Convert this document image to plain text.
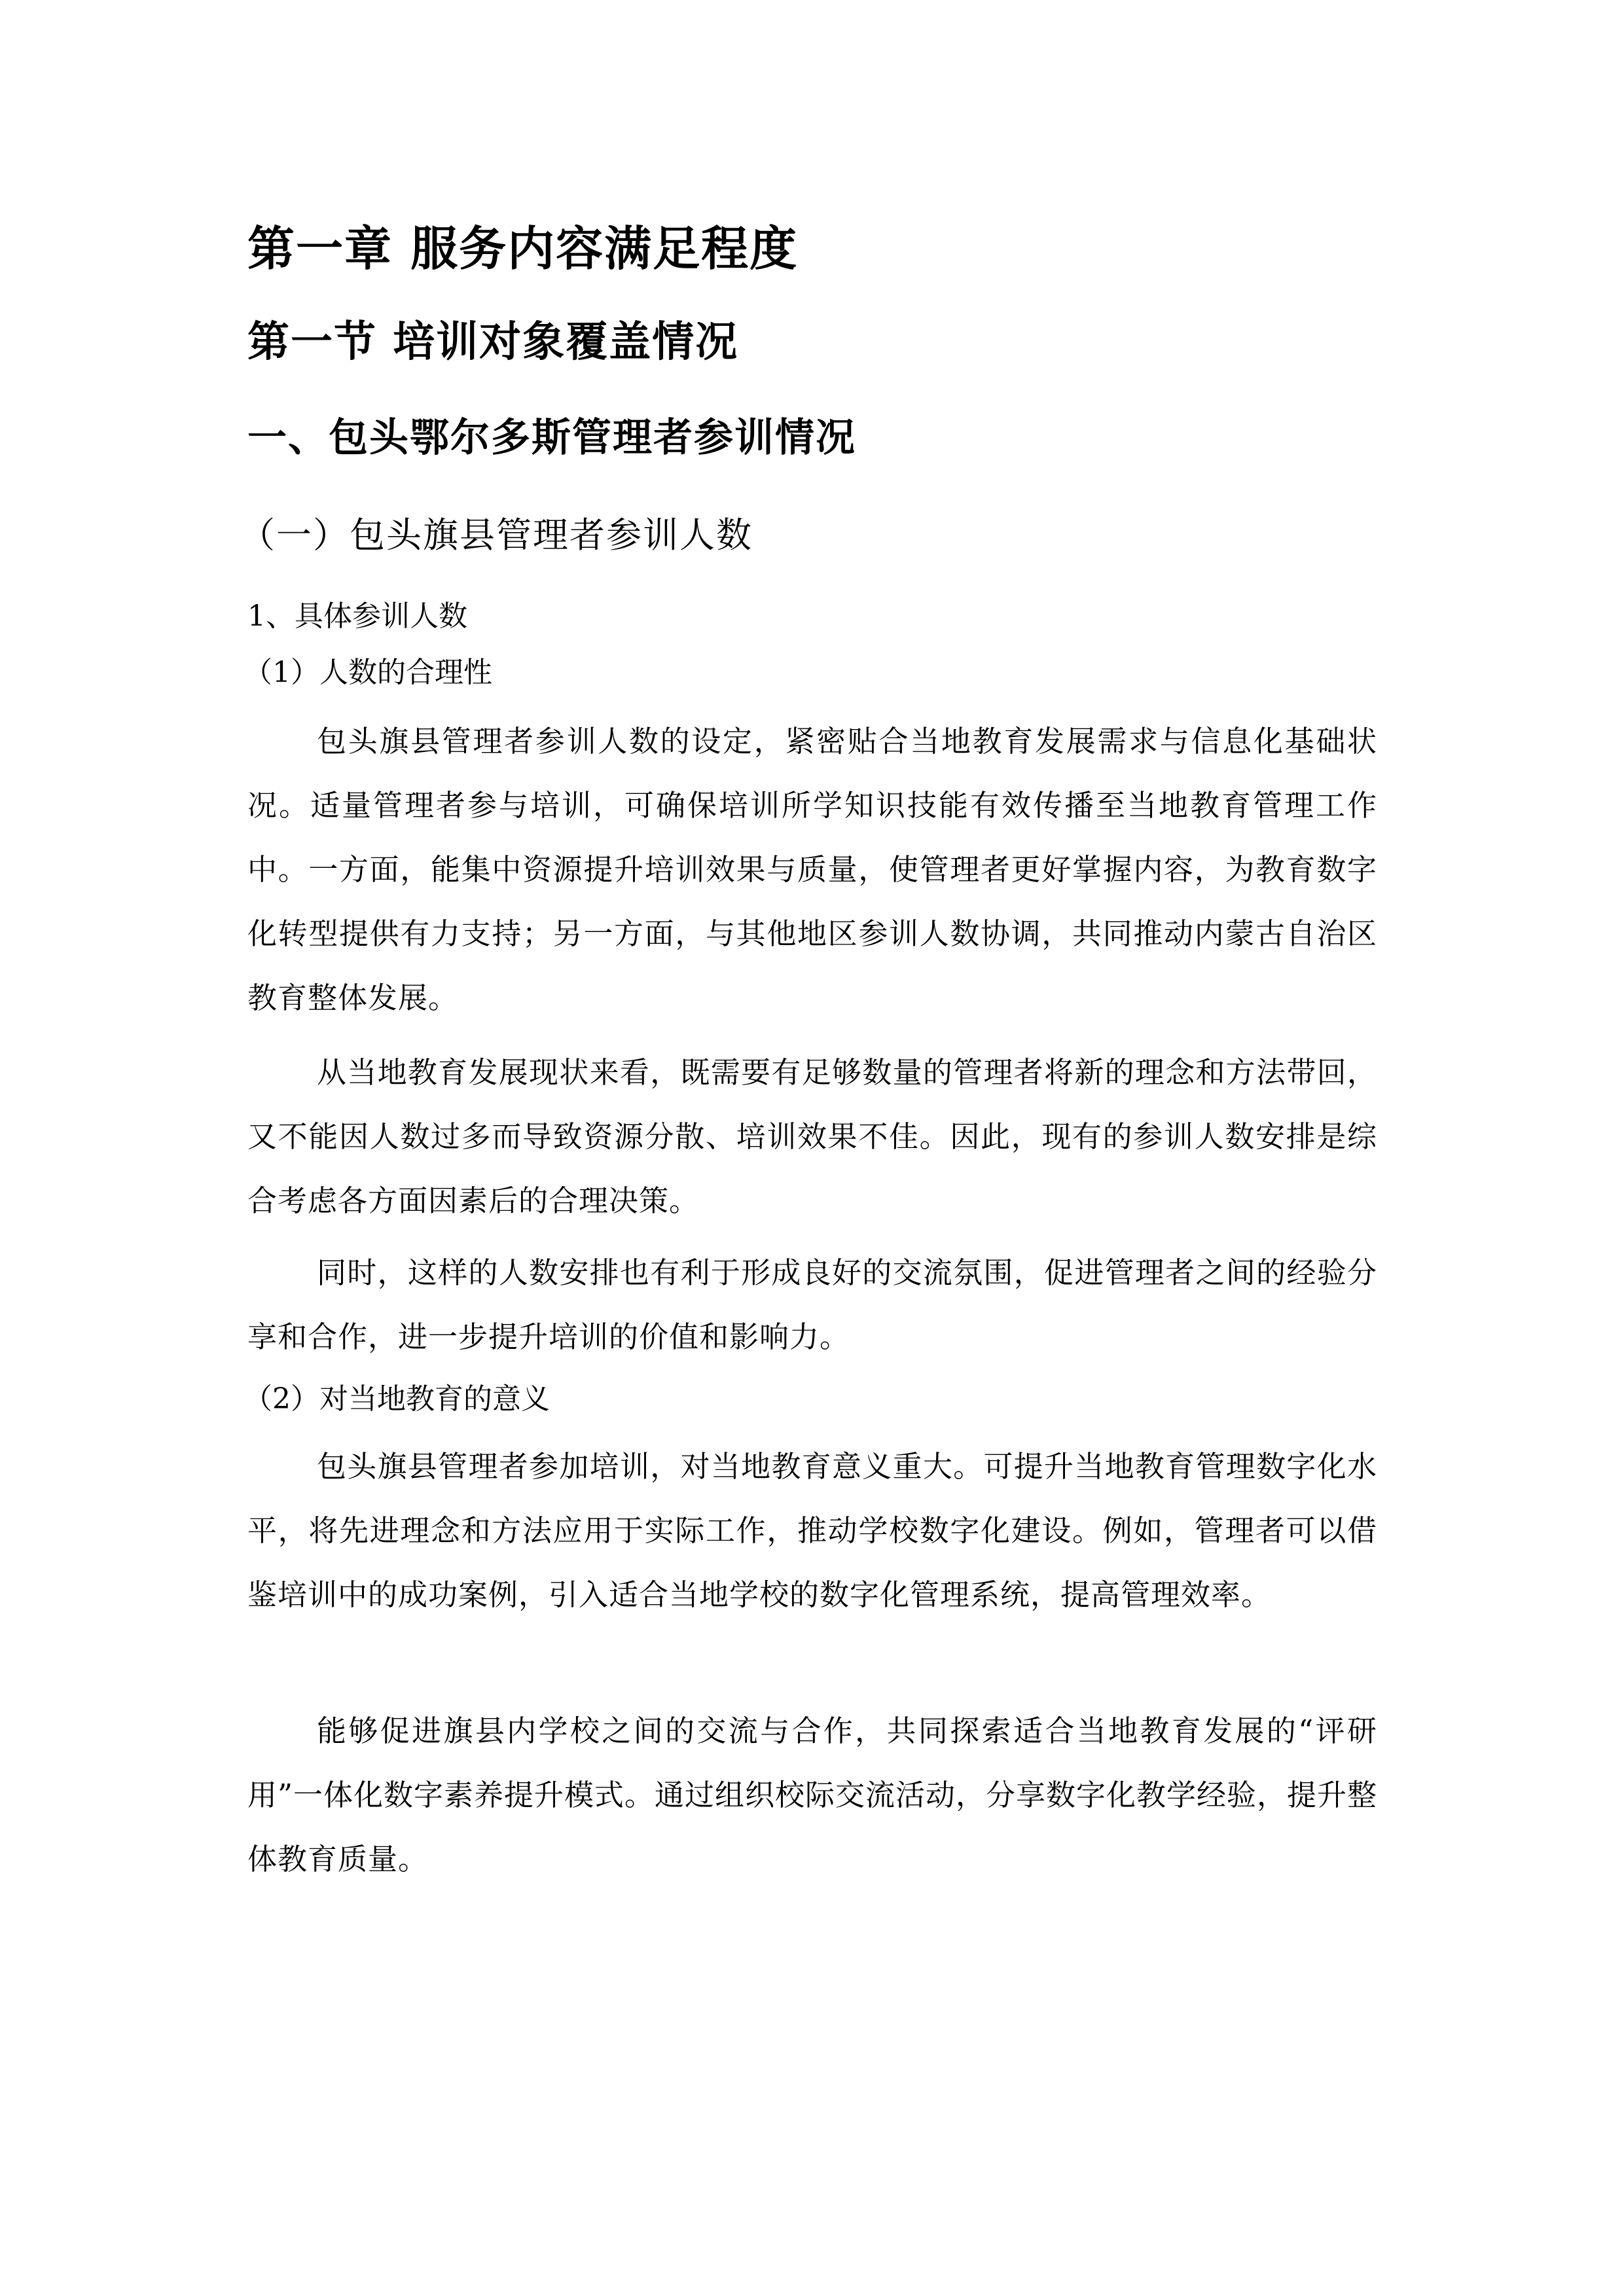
第一章 服务内容满足程度
第一节 培训对象覆盖情况
一、包头鄂尔多斯管理者参训情况
（一）包头旗县管理者参训人数
1、具体参训人数
（1）人数的合理性

包头旗县管理者参训人数的设定，紧密贴合当地教育发展需求与信息化基础状况。适量管理者参与培训，可确保培训所学知识技能有效传播至当地教育管理工作中。一方面，能集中资源提升培训效果与质量，使管理者更好掌握内容，为教育数字化转型提供有力支持；另一方面，与其他地区参训人数协调，共同推动内蒙古自治区教育整体发展。

从当地教育发展现状来看，既需要有足够数量的管理者将新的理念和方法带回，又不能因人数过多而导致资源分散、培训效果不佳。因此，现有的参训人数安排是综合考虑各方面因素后的合理决策。

同时，这样的人数安排也有利于形成良好的交流氛围，促进管理者之间的经验分享和合作，进一步提升培训的价值和影响力。

（2）对当地教育的意义

包头旗县管理者参加培训，对当地教育意义重大。可提升当地教育管理数字化水平，将先进理念和方法应用于实际工作，推动学校数字化建设。例如，管理者可以借鉴培训中的成功案例，引入适合当地学校的数字化管理系统，提高管理效率。

能够促进旗县内学校之间的交流与合作，共同探索适合当地教育发展的“评研用”一体化数字素养提升模式。通过组织校际交流活动，分享数字化教学经验，提升整体教育质量。
